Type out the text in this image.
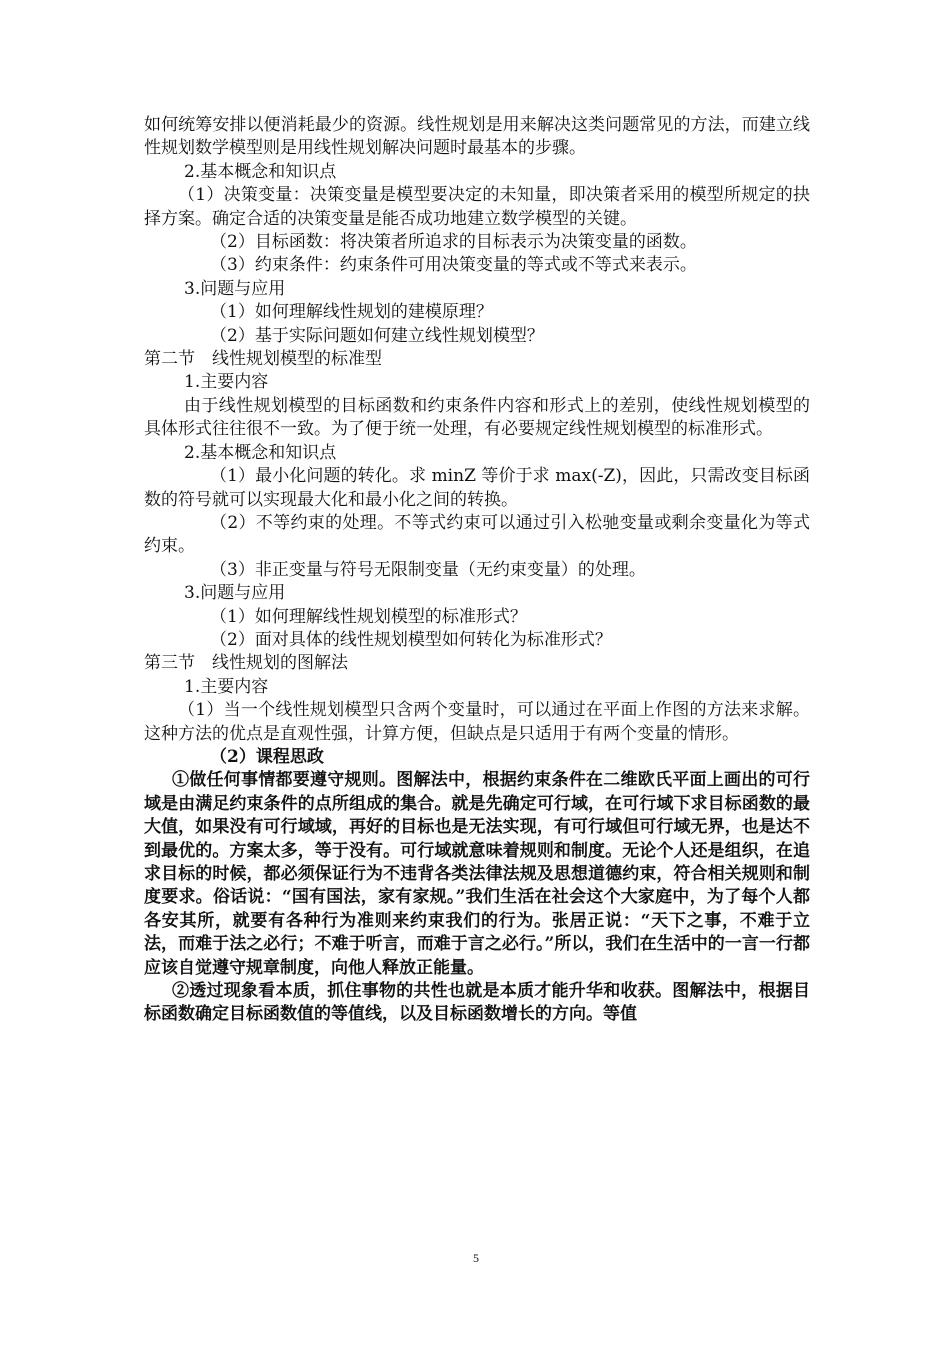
如何统筹安排以便消耗最少的资源。线性规划是用来解决这类问题常见的方法，而建立线性规划数学模型则是用线性规划解决问题时最基本的步骤。

2.基本概念和知识点

（1）决策变量：决策变量是模型要决定的未知量，即决策者采用的模型所规定的抉择方案。确定合适的决策变量是能否成功地建立数学模型的关键。

（2）目标函数：将决策者所追求的目标表示为决策变量的函数。

（3）约束条件：约束条件可用决策变量的等式或不等式来表示。

3.问题与应用

（1）如何理解线性规划的建模原理？

（2）基于实际问题如何建立线性规划模型？

第二节　线性规划模型的标准型

1.主要内容

由于线性规划模型的目标函数和约束条件内容和形式上的差别，使线性规划模型的具体形式往往很不一致。为了便于统一处理，有必要规定线性规划模型的标准形式。

2.基本概念和知识点

（1）最小化问题的转化。求 minZ 等价于求 max(-Z)，因此，只需改变目标函数的符号就可以实现最大化和最小化之间的转换。

（2）不等约束的处理。不等式约束可以通过引入松驰变量或剩余变量化为等式约束。

（3）非正变量与符号无限制变量（无约束变量）的处理。

3.问题与应用

（1）如何理解线性规划模型的标准形式？

（2）面对具体的线性规划模型如何转化为标准形式？

第三节　线性规划的图解法

1.主要内容

（1）当一个线性规划模型只含两个变量时，可以通过在平面上作图的方法来求解。这种方法的优点是直观性强，计算方便，但缺点是只适用于有两个变量的情形。

（2）课程思政

①做任何事情都要遵守规则。图解法中，根据约束条件在二维欧氏平面上画出的可行域是由满足约束条件的点所组成的集合。就是先确定可行域，在可行域下求目标函数的最大值，如果没有可行域域，再好的目标也是无法实现，有可行域但可行域无界，也是达不到最优的。方案太多，等于没有。可行域就意味着规则和制度。无论个人还是组织，在追求目标的时候，都必须保证行为不违背各类法律法规及思想道德约束，符合相关规则和制度要求。俗话说：“国有国法，家有家规。”我们生活在社会这个大家庭中，为了每个人都各安其所，就要有各种行为准则来约束我们的行为。张居正说：“天下之事，不难于立法，而难于法之必行；不难于听言，而难于言之必行。”所以，我们在生活中的一言一行都应该自觉遵守规章制度，向他人释放正能量。

②透过现象看本质，抓住事物的共性也就是本质才能升华和收获。图解法中，根据目标函数确定目标函数值的等值线，以及目标函数增长的方向。等值

5
